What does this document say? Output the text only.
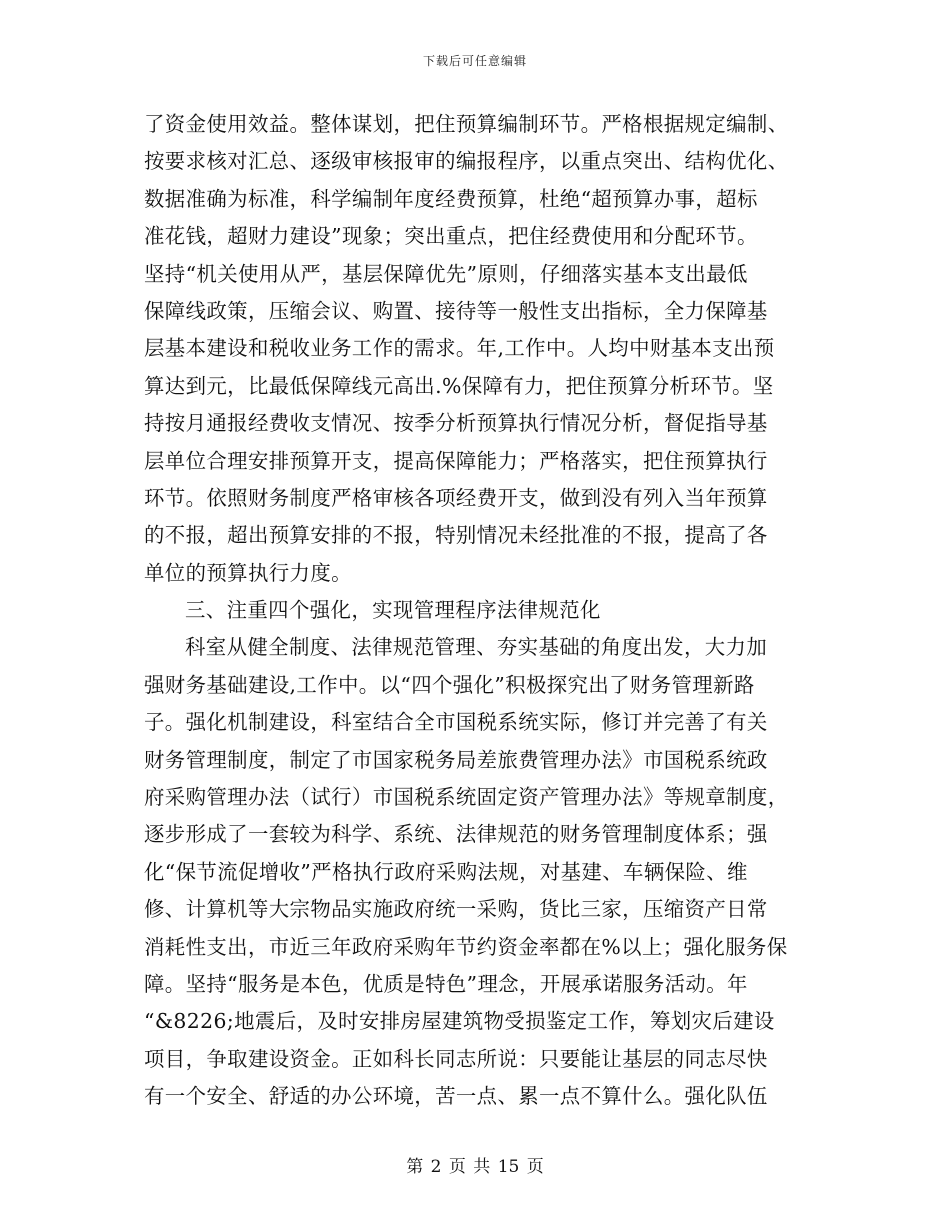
下载后可任意编辑
了资金使用效益。整体谋划，把住预算编制环节。严格根据规定编制、
按要求核对汇总、逐级审核报审的编报程序，以重点突出、结构优化、
数据准确为标准，科学编制年度经费预算，杜绝“超预算办事，超标
准花钱，超财力建设”现象；突出重点，把住经费使用和分配环节。
坚持“机关使用从严，基层保障优先”原则，仔细落实基本支出最低
保障线政策，压缩会议、购置、接待等一般性支出指标，全力保障基
层基本建设和税收业务工作的需求。年,工作中。人均中财基本支出预
算达到元，比最低保障线元高出.%保障有力，把住预算分析环节。坚
持按月通报经费收支情况、按季分析预算执行情况分析，督促指导基
层单位合理安排预算开支，提高保障能力；严格落实，把住预算执行
环节。依照财务制度严格审核各项经费开支，做到没有列入当年预算
的不报，超出预算安排的不报，特别情况未经批准的不报，提高了各
单位的预算执行力度。
三、注重四个强化，实现管理程序法律规范化
科室从健全制度、法律规范管理、夯实基础的角度出发，大力加
强财务基础建设,工作中。以“四个强化”积极探究出了财务管理新路
子。强化机制建设，科室结合全市国税系统实际，修订并完善了有关
财务管理制度，制定了市国家税务局差旅费管理办法》市国税系统政
府采购管理办法（试行）市国税系统固定资产管理办法》等规章制度，
逐步形成了一套较为科学、系统、法律规范的财务管理制度体系；强
化“保节流促增收”严格执行政府采购法规，对基建、车辆保险、维
修、计算机等大宗物品实施政府统一采购，货比三家，压缩资产日常
消耗性支出，市近三年政府采购年节约资金率都在%以上；强化服务保
障。坚持“服务是本色，优质是特色”理念，开展承诺服务活动。年
“&8226;地震后，及时安排房屋建筑物受损鉴定工作，筹划灾后建设
项目，争取建设资金。正如科长同志所说：只要能让基层的同志尽快
有一个安全、舒适的办公环境，苦一点、累一点不算什么。强化队伍
第 2 页 共 15 页
